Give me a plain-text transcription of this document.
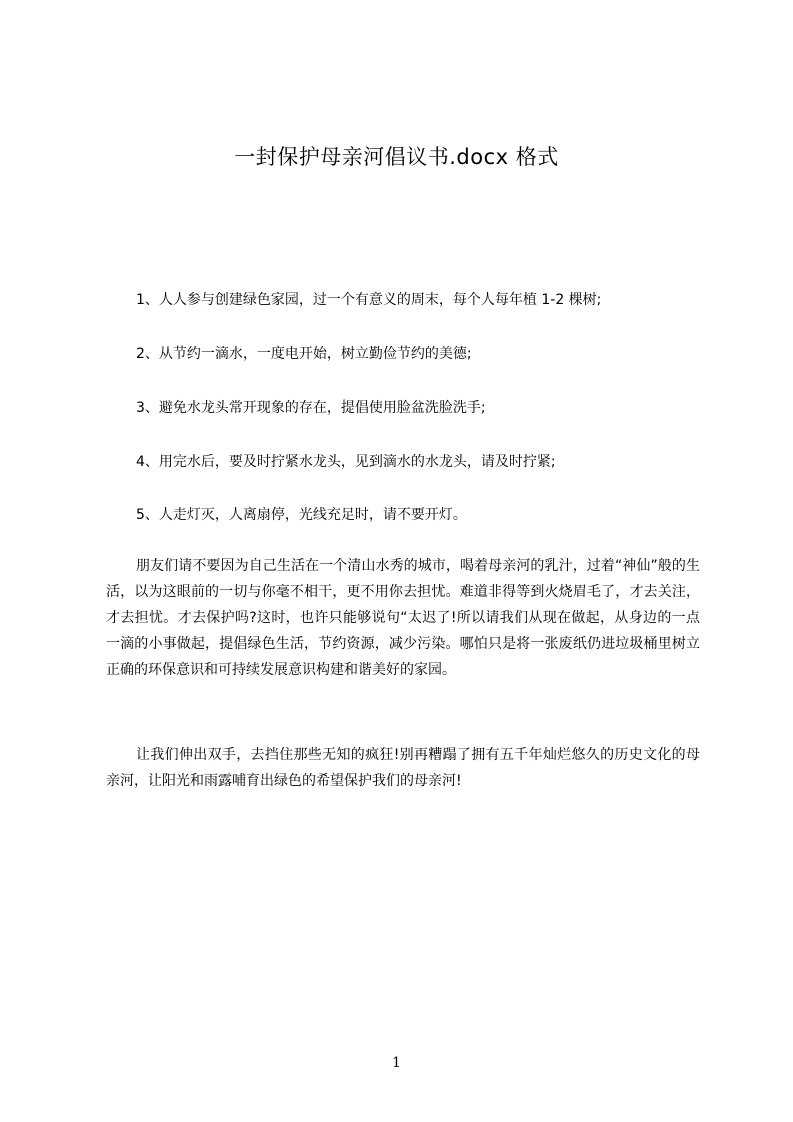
一封保护母亲河倡议书.docx 格式
1、人人参与创建绿色家园，过一个有意义的周末，每个人每年植 1-2 棵树;
2、从节约一滴水，一度电开始，树立勤俭节约的美德;
3、避免水龙头常开现象的存在，提倡使用脸盆洗脸洗手;
4、用完水后，要及时拧紧水龙头，见到滴水的水龙头，请及时拧紧;
5、人走灯灭，人离扇停，光线充足时，请不要开灯。
朋友们请不要因为自己生活在一个清山水秀的城市，喝着母亲河的乳汁，过着“神仙”般的生活，以为这眼前的一切与你毫不相干，更不用你去担忧。难道非得等到火烧眉毛了，才去关注，才去担忧。才去保护吗?这时，也许只能够说句“太迟了!所以请我们从现在做起，从身边的一点一滴的小事做起，提倡绿色生活，节约资源，减少污染。哪怕只是将一张废纸仍进垃圾桶里树立正确的环保意识和可持续发展意识构建和谐美好的家园。
让我们伸出双手，去挡住那些无知的疯狂!别再糟蹋了拥有五千年灿烂悠久的历史文化的母亲河，让阳光和雨露哺育出绿色的希望保护我们的母亲河!
1
